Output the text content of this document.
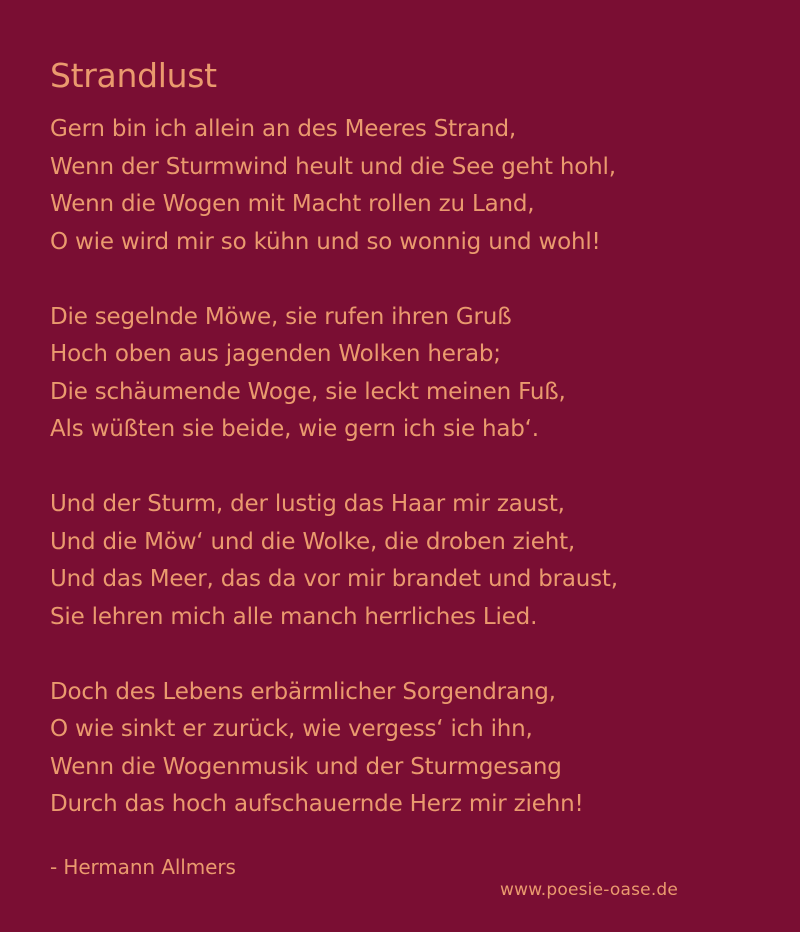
Strandlust
Gern bin ich allein an des Meeres Strand,
Wenn der Sturmwind heult und die See geht hohl,
Wenn die Wogen mit Macht rollen zu Land,
O wie wird mir so kühn und so wonnig und wohl!
Die segelnde Möwe, sie rufen ihren Gruß
Hoch oben aus jagenden Wolken herab;
Die schäumende Woge, sie leckt meinen Fuß,
Als wüßten sie beide, wie gern ich sie hab‘.
Und der Sturm, der lustig das Haar mir zaust,
Und die Möw‘ und die Wolke, die droben zieht,
Und das Meer, das da vor mir brandet und braust,
Sie lehren mich alle manch herrliches Lied.
Doch des Lebens erbärmlicher Sorgendrang,
O wie sinkt er zurück, wie vergess‘ ich ihn,
Wenn die Wogenmusik und der Sturmgesang
Durch das hoch aufschauernde Herz mir ziehn!
- Hermann Allmers
www.poesie-oase.de
